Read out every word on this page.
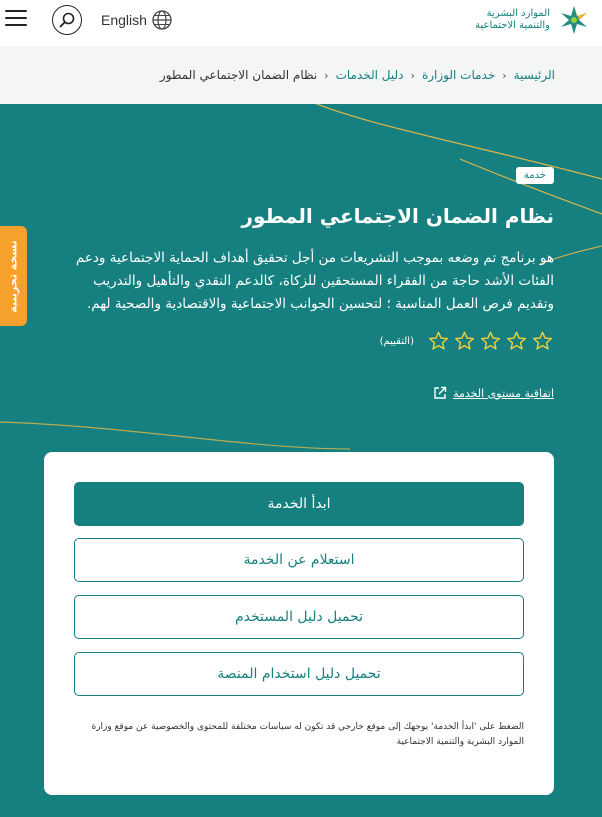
English	الموارد البشرية
والتنمية الاجتماعية
الرئيسية
‹
خدمات الوزارة
‹
دليل الخدمات
‹
نظام الضمان الاجتماعي المطور
خدمة
نظام الضمان الاجتماعي المطور

هو برنامج تم وضعه بموجب التشريعات من أجل تحقيق أهداف الحماية الاجتماعية ودعم الفئات الأشد حاجة من الفقراء المستحقين للزكاة، كالدعم النقدي والتأهيل والتدريب وتقديم فرص العمل المناسبة ؛ لتحسين الجوانب الاجتماعية والاقتصادية والصحية لهم.

(التقييم)
اتفاقية مستوى الخدمة
ابدأ الخدمة
استعلام عن الخدمة
تحميل دليل المستخدم
تحميل دليل استخدام المنصة

الضغط على 'ابدأ الخدمة' يوجهك إلى موقع خارجي قد تكون له سياسات مختلفة للمحتوى والخصوصية عن موقع وزارة الموارد البشرية والتنمية الاجتماعية

نسخة تجريبية
